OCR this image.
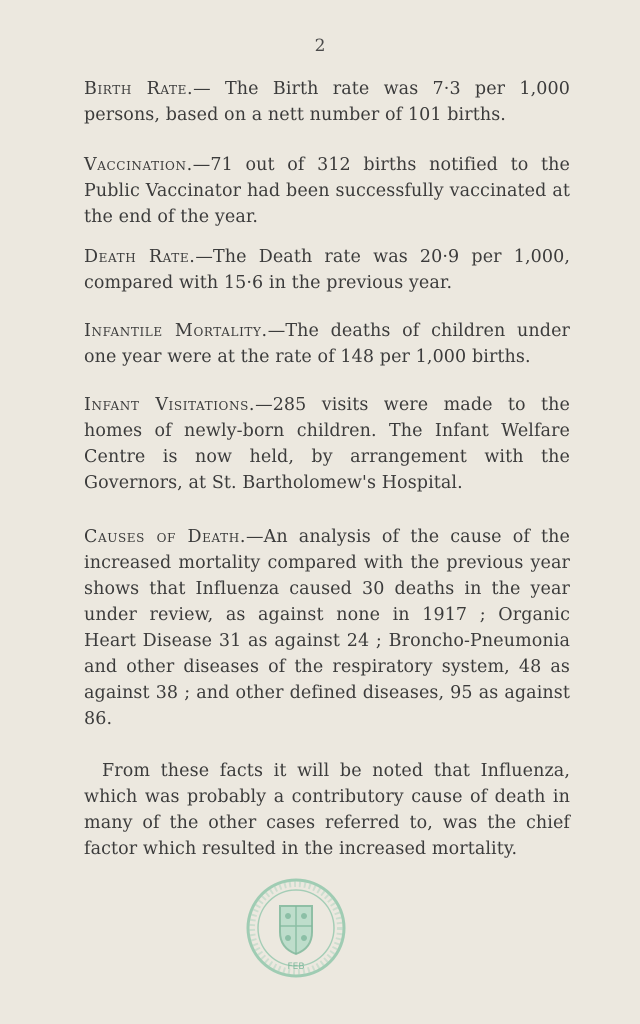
2
Birth Rate.— The Birth rate was 7·3 per 1,000 persons, based on a nett number of 101 births.
Vaccination.—71 out of 312 births notified to the Public Vaccinator had been successfully vaccinated at the end of the year.
Death Rate.—The Death rate was 20·9 per 1,000, compared with 15·6 in the previous year.
Infantile Mortality.—The deaths of children under one year were at the rate of 148 per 1,000 births.
Infant Visitations.—285 visits were made to the homes of newly-born children. The Infant Welfare Centre is now held, by arrangement with the Governors, at St. Bartholomew's Hospital.
Causes of Death.—An analysis of the cause of the increased mortality compared with the previous year shows that Influenza caused 30 deaths in the year under review, as against none in 1917 ; Organic Heart Disease 31 as against 24 ; Broncho-Pneumonia and other diseases of the respiratory system, 48 as against 38 ; and other defined diseases, 95 as against 86.
From these facts it will be noted that Influenza, which was probably a contributory cause of death in many of the other cases referred to, was the chief factor which resulted in the increased mortality.
FEB
